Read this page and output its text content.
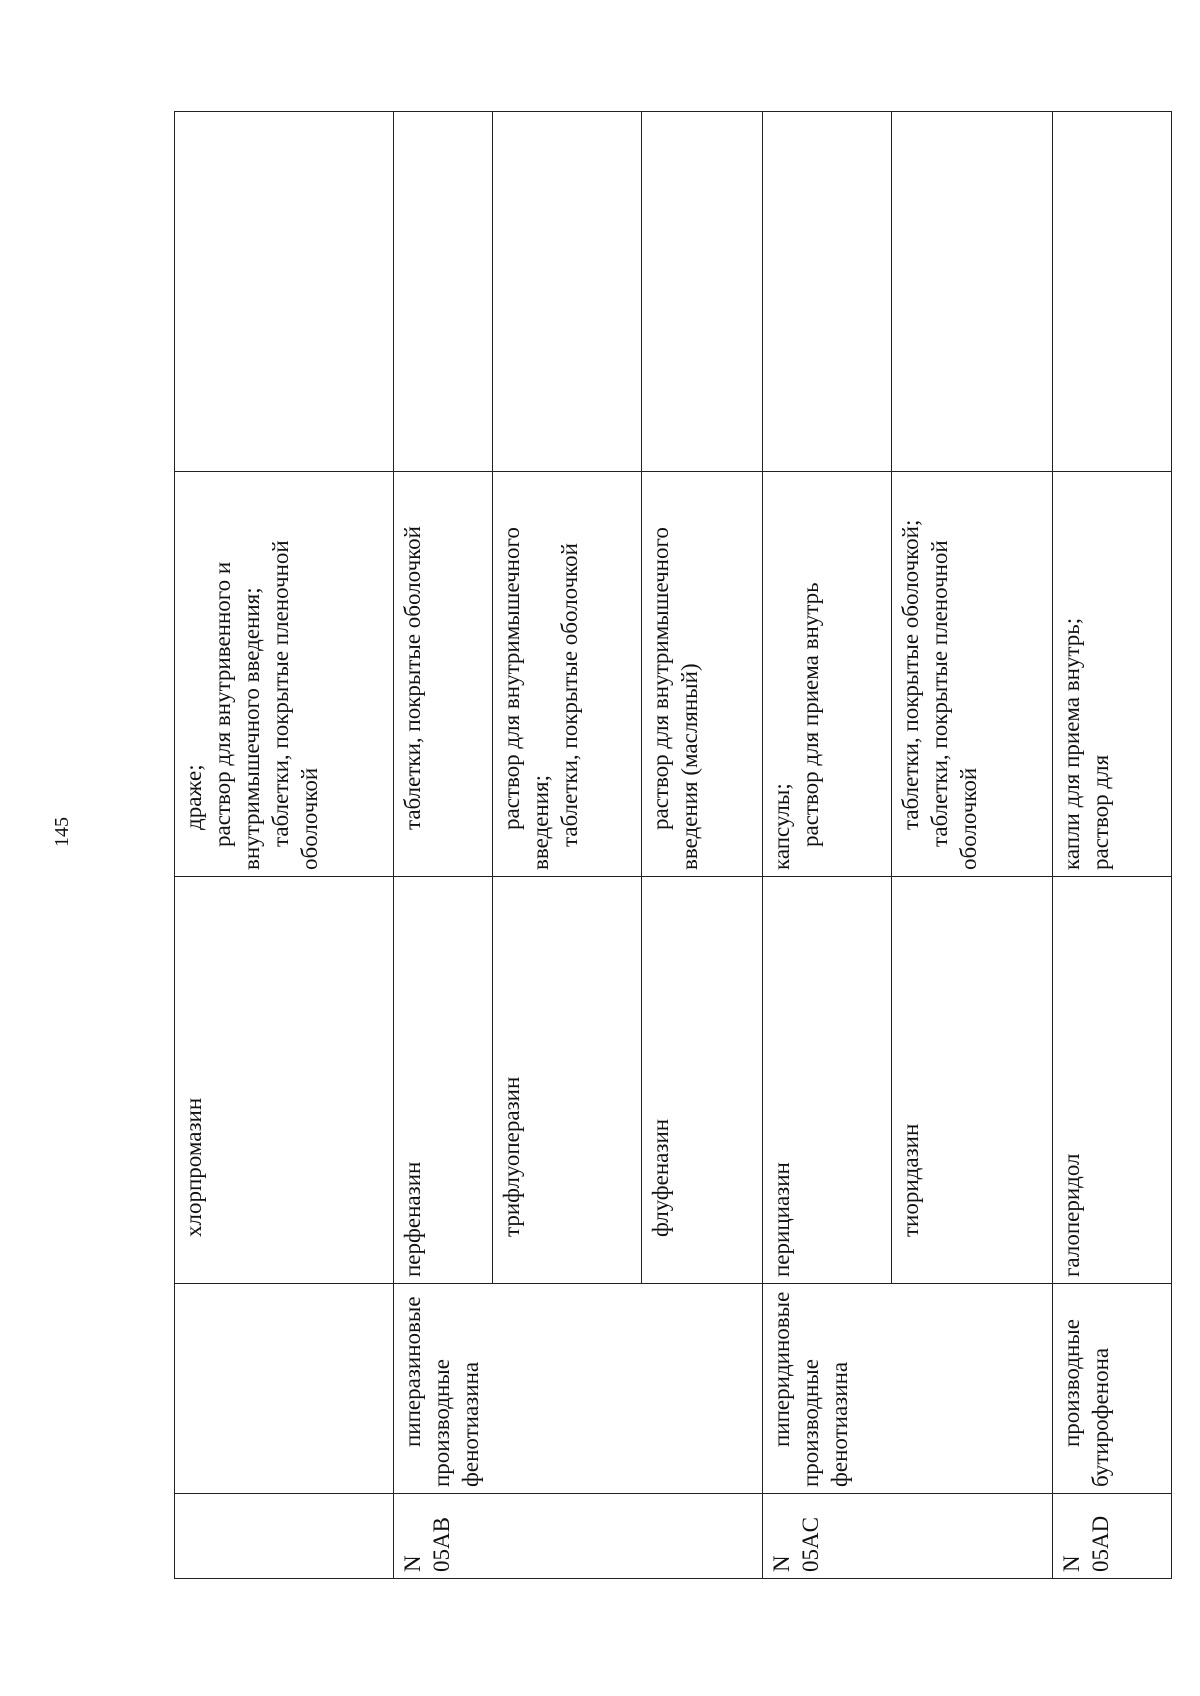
145
		хлорпромазин	драже;
раствор для внутривенного и внутримышечного введения;
таблетки, покрытые пленочной оболочкой	
N 05AB	пиперазиновые производные фенотиазина	перфеназин	таблетки, покрытые оболочкой	
		трифлуоперазин	раствор для внутримышечного введения;
таблетки, покрытые оболочкой	
		флуфеназин	раствор для внутримышечного введения (масляный)	
N 05AC	пиперидиновые производные фенотиазина	перициазин	капсулы;
раствор для приема внутрь	
		тиоридазин	таблетки, покрытые оболочкой;
таблетки, покрытые пленочной оболочкой	
N 05AD	производные бутирофенона	галоперидол	капли для приема внутрь;
раствор для	
